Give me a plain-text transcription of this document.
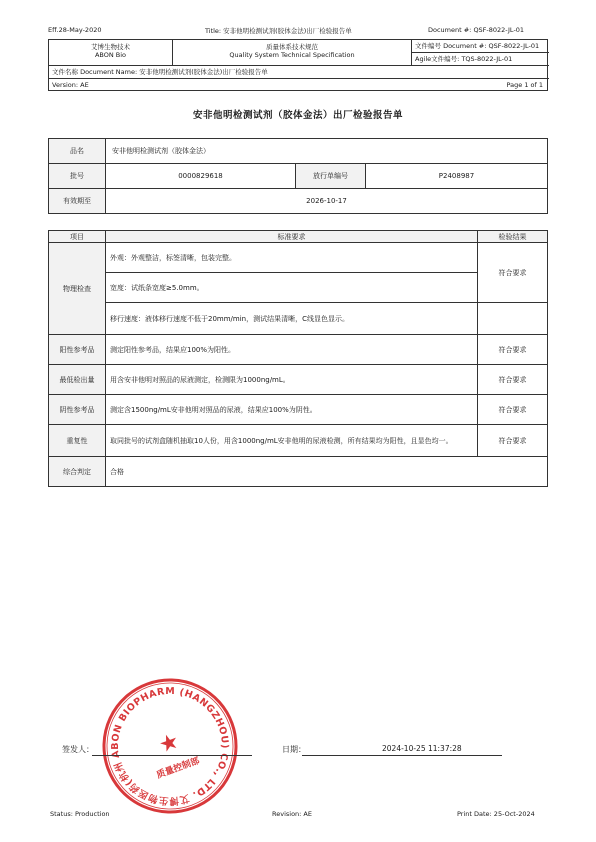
Eff.28-May-2020	Title: 安非他明检测试剂(胶体金法)出厂检验报告单	Document #: QSF-8022-JL-01
艾博生物技术
ABON Bio
质量体系技术规范
Quality System Technical Specification
文件编号 Document #: QSF-8022-JL-01
Agile文件编号: TQS-8022-JL-01
文件名称 Document Name: 安非他明检测试剂(胶体金法)出厂检验报告单
Version: AE	Page 1 of 1
安非他明检测试剂（胶体金法）出厂检验报告单
品名	安非他明检测试剂（胶体金法）		
批号	0000829618	放行单编号	P2408987
有效期至	2026-10-17		
项目	标准要求	检验结果
物理检查	外观：外观整洁，标签清晰，包装完整。	符合要求
	宽度：试纸条宽度≥5.0mm。	
	移行速度：液体移行速度不低于20mm/min，测试结果清晰，C线显色显示。	
阳性参考品	测定阳性参考品，结果应100%为阳性。	符合要求
最低检出量	用含安非他明对照品的尿液测定，检测限为1000ng/mL。	符合要求
阴性参考品	测定含1500ng/mL安非他明对照品的尿液，结果应100%为阴性。	符合要求
重复性	取同批号的试剂盒随机抽取10人份，用含1000ng/mL安非他明的尿液检测，所有结果均为阳性，且显色均一。	符合要求
综合判定	合格	
ABON BIOPHARM (HANGZHOU) CO., LTD. 艾博生物医药(杭州)有限公司
★
质量控制部
签发人：	日期：	2024-10-25 11:37:28
Status: Production	Revision: AE	Print Date: 25-Oct-2024
